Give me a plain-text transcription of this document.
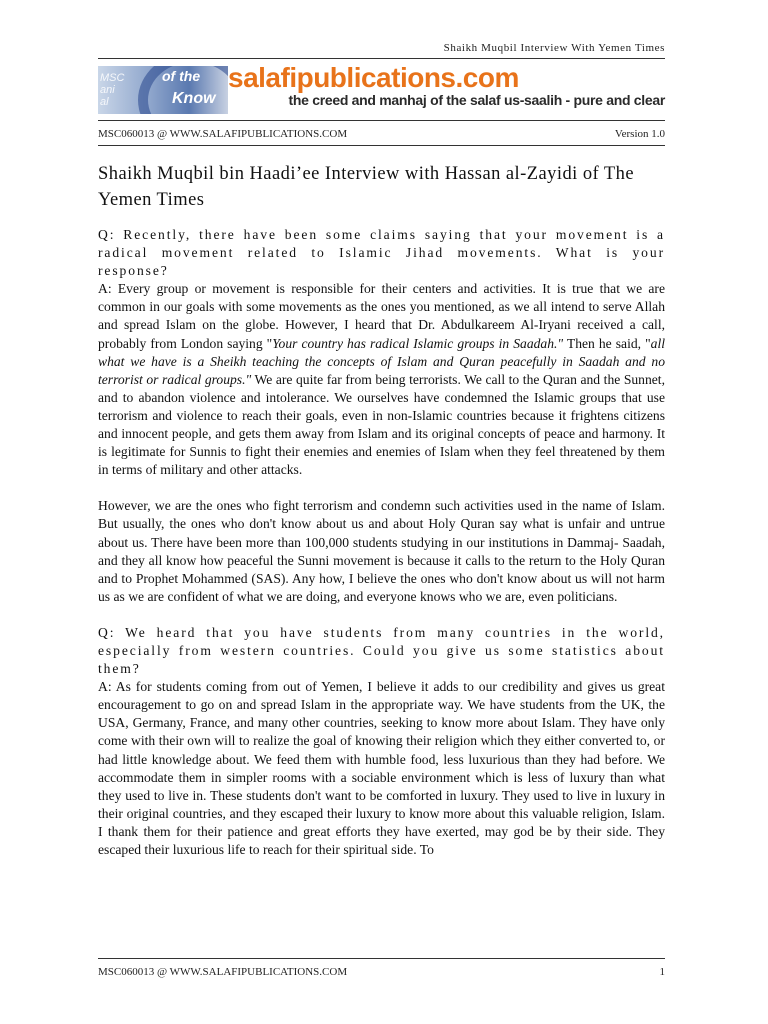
Shaikh Muqbil Interview With Yemen Times
MSC
ani
al
of the
Know
salafipublications.com
the creed and manhaj of the salaf us-saalih - pure and clear
MSC060013 @ WWW.SALAFIPUBLICATIONS.COM	Version 1.0
Shaikh Muqbil bin Haadi’ee Interview with Hassan al-Zayidi of The Yemen Times

Q: Recently, there have been some claims saying that your movement is a radical movement related to Islamic Jihad movements. What is your response?

A: Every group or movement is responsible for their centers and activities. It is true that we are common in our goals with some movements as the ones you mentioned, as we all intend to serve Allah and spread Islam on the globe. However, I heard that Dr. Abdulkareem Al-Iryani received a call, probably from London saying "Your country has radical Islamic groups in Saadah." Then he said, "all what we have is a Sheikh teaching the concepts of Islam and Quran peacefully in Saadah and no terrorist or radical groups." We are quite far from being terrorists. We call to the Quran and the Sunnet, and to abandon violence and intolerance. We ourselves have condemned the Islamic groups that use terrorism and violence to reach their goals, even in non-Islamic countries because it frightens citizens and innocent people, and gets them away from Islam and its original concepts of peace and harmony. It is legitimate for Sunnis to fight their enemies and enemies of Islam when they feel threatened by them in terms of military and other attacks.

However, we are the ones who fight terrorism and condemn such activities used in the name of Islam. But usually, the ones who don't know about us and about Holy Quran say what is unfair and untrue about us. There have been more than 100,000 students studying in our institutions in Dammaj- Saadah, and they all know how peaceful the Sunni movement is because it calls to the return to the Holy Quran and to Prophet Mohammed (SAS). Any how, I believe the ones who don't know about us will not harm us as we are confident of what we are doing, and everyone knows who we are, even politicians.

Q: We heard that you have students from many countries in the world, especially from western countries. Could you give us some statistics about them?

A: As for students coming from out of Yemen, I believe it adds to our credibility and gives us great encouragement to go on and spread Islam in the appropriate way. We have students from the UK, the USA, Germany, France, and many other countries, seeking to know more about Islam. They have only come with their own will to realize the goal of knowing their religion which they either converted to, or had little knowledge about. We feed them with humble food, less luxurious than they had before. We accommodate them in simpler rooms with a sociable environment which is less of luxury than what they used to live in. These students don't want to be comforted in luxury. They used to live in luxury in their original countries, and they escaped their luxury to know more about this valuable religion, Islam. I thank them for their patience and great efforts they have exerted, may god be by their side. They escaped their luxurious life to reach for their spiritual side. To

MSC060013 @ WWW.SALAFIPUBLICATIONS.COM	1
